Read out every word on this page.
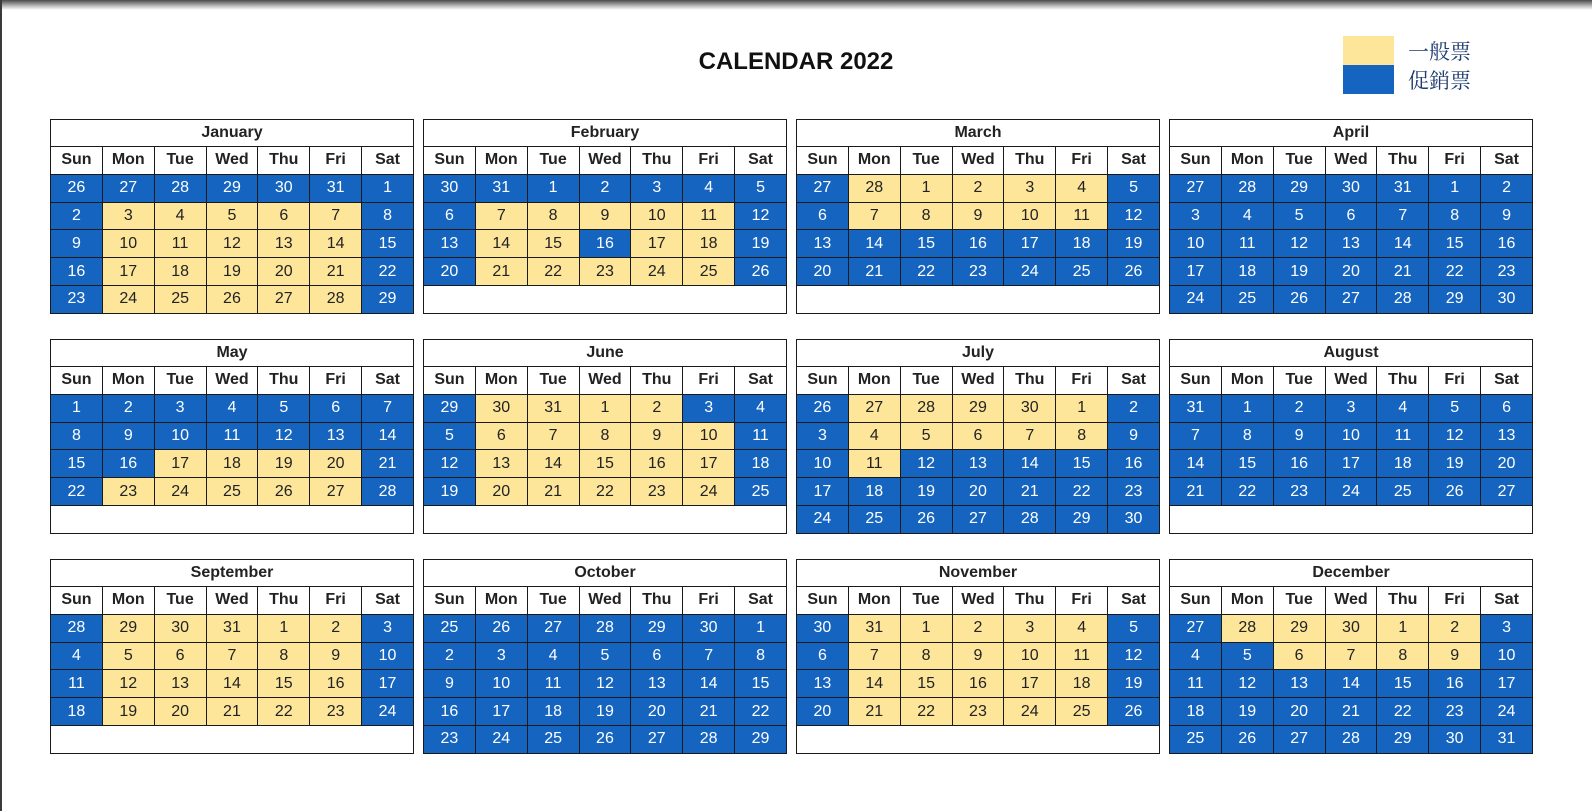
CALENDAR 2022	一般票
促銷票
January						
Sun	Mon	Tue	Wed	Thu	Fri	Sat
26	27	28	29	30	31	1
2	3	4	5	6	7	8
9	10	11	12	13	14	15
16	17	18	19	20	21	22
23	24	25	26	27	28	29
February						
Sun	Mon	Tue	Wed	Thu	Fri	Sat
30	31	1	2	3	4	5
6	7	8	9	10	11	12
13	14	15	16	17	18	19
20	21	22	23	24	25	26

March						
Sun	Mon	Tue	Wed	Thu	Fri	Sat
27	28	1	2	3	4	5
6	7	8	9	10	11	12
13	14	15	16	17	18	19
20	21	22	23	24	25	26

April						
Sun	Mon	Tue	Wed	Thu	Fri	Sat
27	28	29	30	31	1	2
3	4	5	6	7	8	9
10	11	12	13	14	15	16
17	18	19	20	21	22	23
24	25	26	27	28	29	30
May						
Sun	Mon	Tue	Wed	Thu	Fri	Sat
1	2	3	4	5	6	7
8	9	10	11	12	13	14
15	16	17	18	19	20	21
22	23	24	25	26	27	28

June						
Sun	Mon	Tue	Wed	Thu	Fri	Sat
29	30	31	1	2	3	4
5	6	7	8	9	10	11
12	13	14	15	16	17	18
19	20	21	22	23	24	25

July						
Sun	Mon	Tue	Wed	Thu	Fri	Sat
26	27	28	29	30	1	2
3	4	5	6	7	8	9
10	11	12	13	14	15	16
17	18	19	20	21	22	23
24	25	26	27	28	29	30
August						
Sun	Mon	Tue	Wed	Thu	Fri	Sat
31	1	2	3	4	5	6
7	8	9	10	11	12	13
14	15	16	17	18	19	20
21	22	23	24	25	26	27

September						
Sun	Mon	Tue	Wed	Thu	Fri	Sat
28	29	30	31	1	2	3
4	5	6	7	8	9	10
11	12	13	14	15	16	17
18	19	20	21	22	23	24

October						
Sun	Mon	Tue	Wed	Thu	Fri	Sat
25	26	27	28	29	30	1
2	3	4	5	6	7	8
9	10	11	12	13	14	15
16	17	18	19	20	21	22
23	24	25	26	27	28	29
November						
Sun	Mon	Tue	Wed	Thu	Fri	Sat
30	31	1	2	3	4	5
6	7	8	9	10	11	12
13	14	15	16	17	18	19
20	21	22	23	24	25	26

December						
Sun	Mon	Tue	Wed	Thu	Fri	Sat
27	28	29	30	1	2	3
4	5	6	7	8	9	10
11	12	13	14	15	16	17
18	19	20	21	22	23	24
25	26	27	28	29	30	31
